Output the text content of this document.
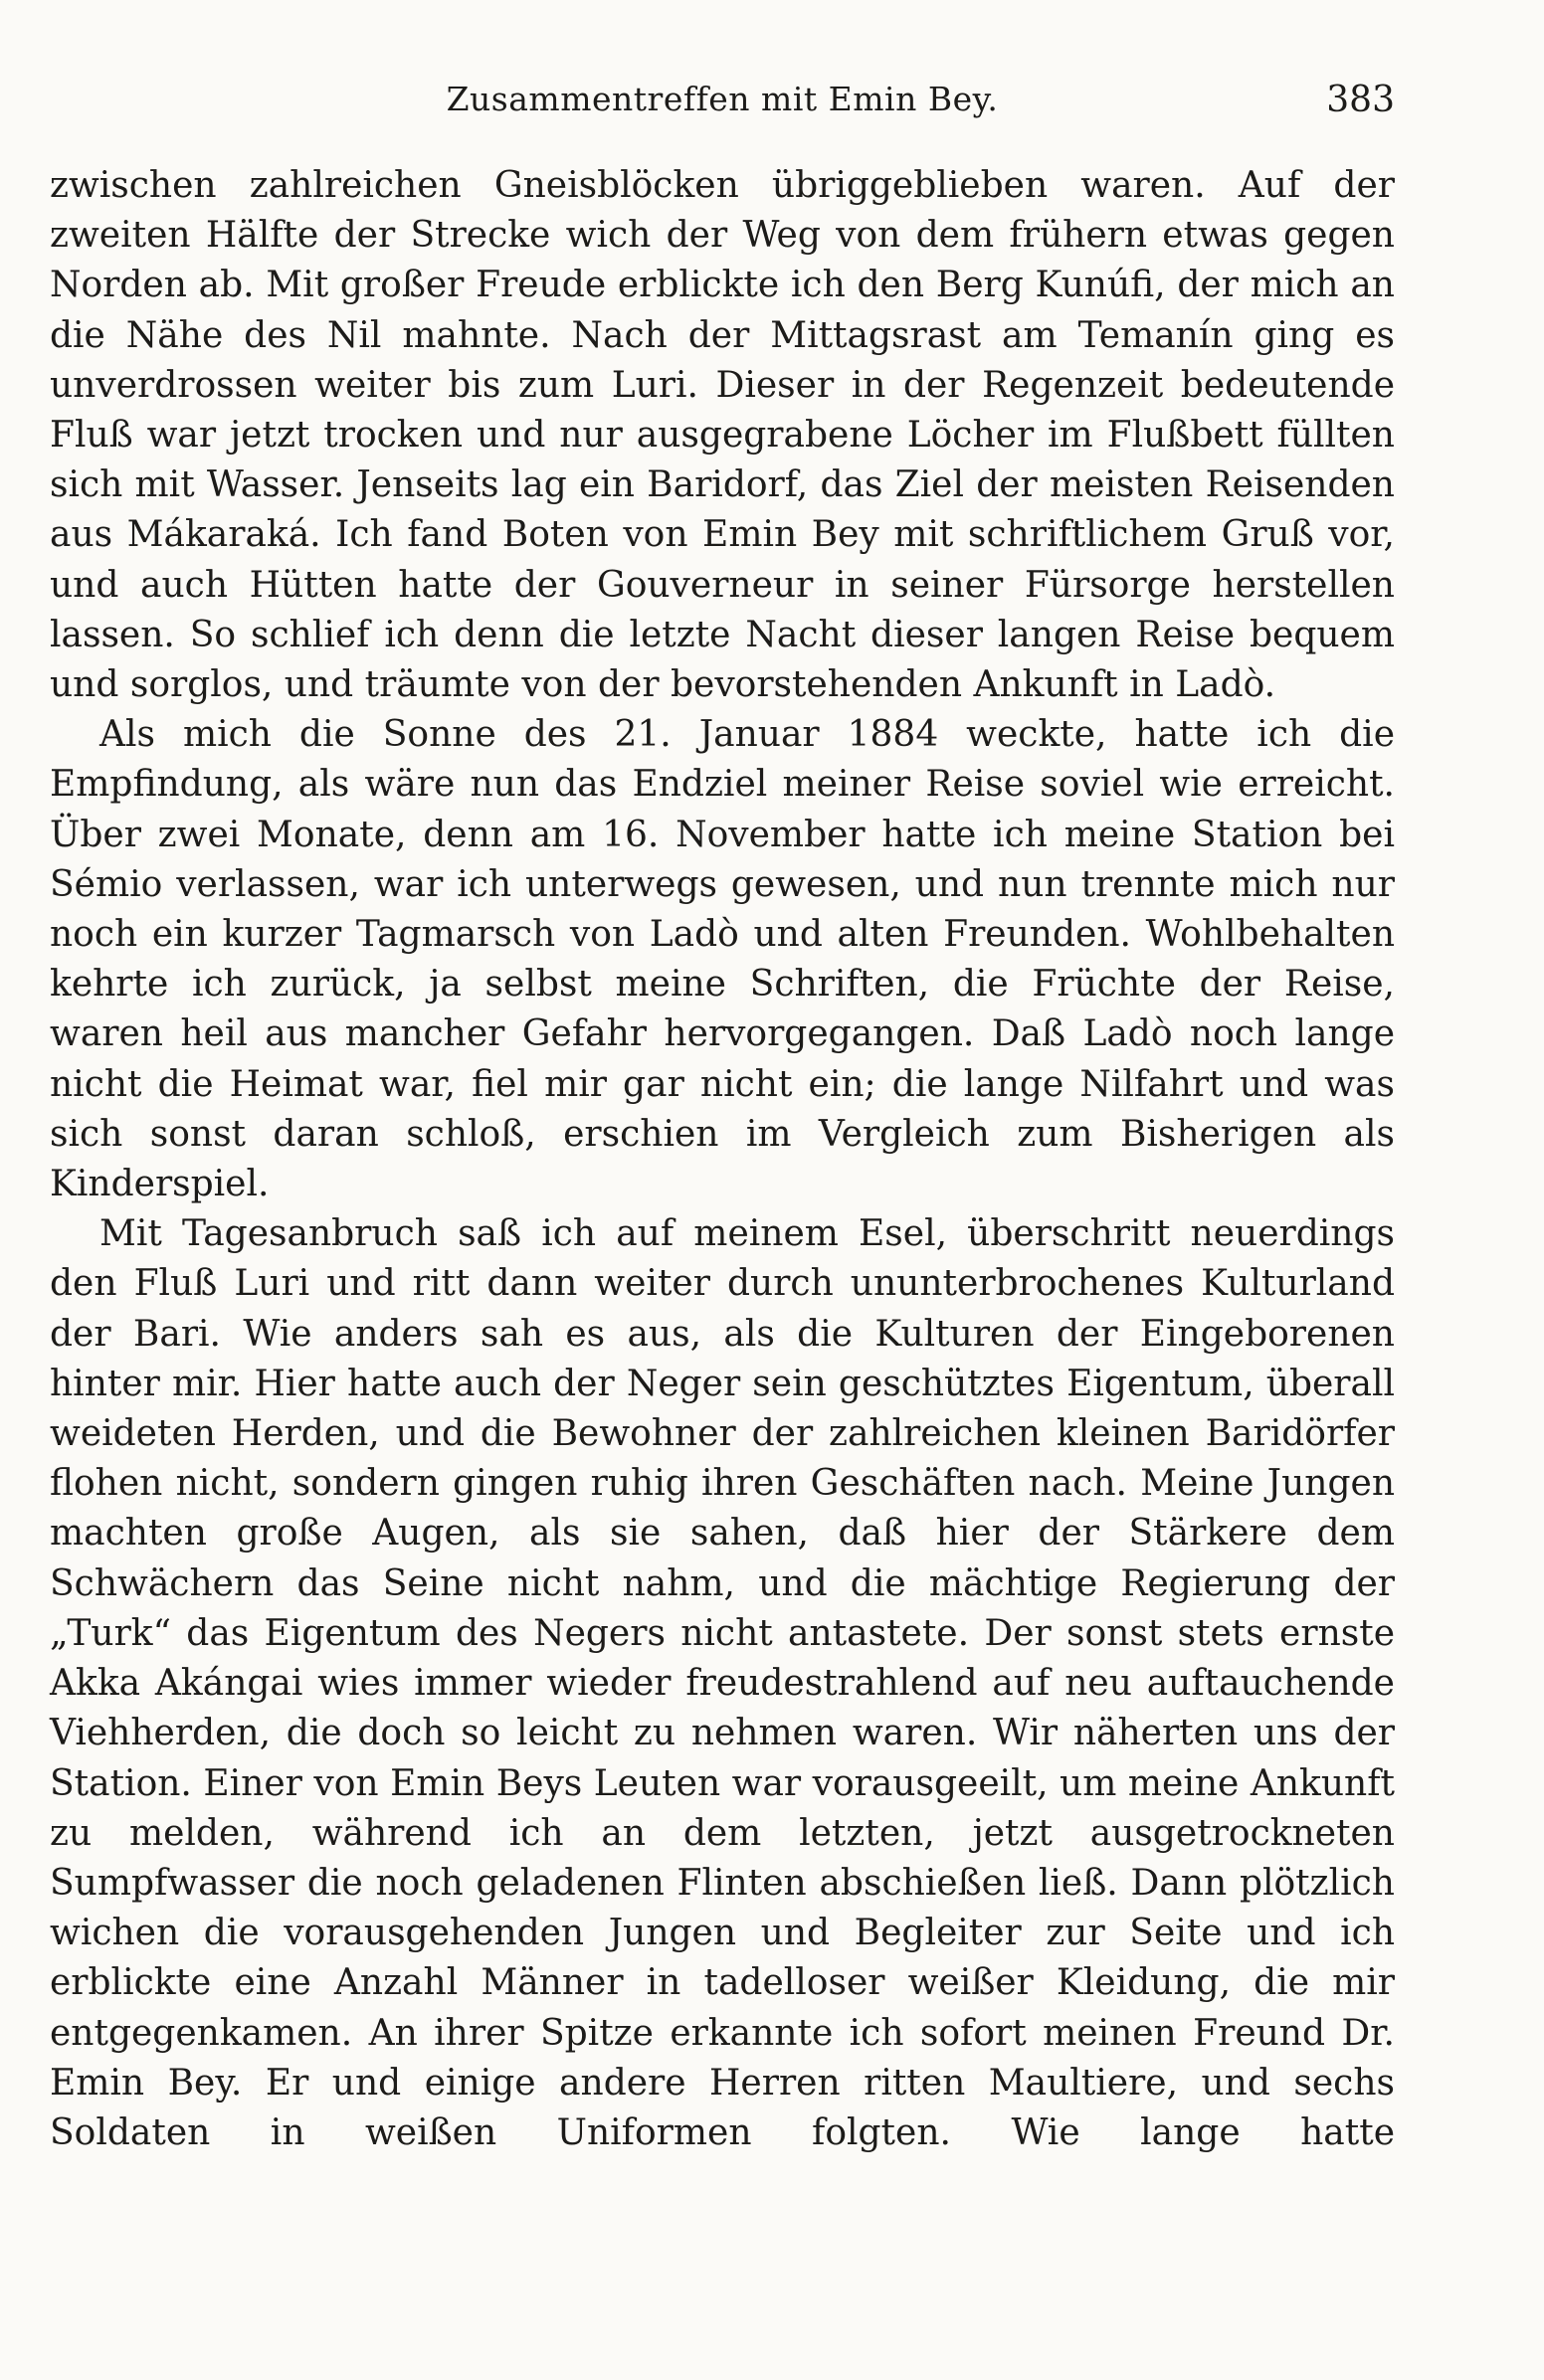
Zusammentreffen mit Emin Bey.	383

zwischen zahlreichen Gneisblöcken übriggeblieben waren. Auf der zweiten Hälfte der Strecke wich der Weg von dem frühern etwas gegen Norden ab. Mit großer Freude erblickte ich den Berg Kunúfi, der mich an die Nähe des Nil mahnte. Nach der Mittagsrast am Temanín ging es unverdrossen weiter bis zum Luri. Dieser in der Regenzeit bedeutende Fluß war jetzt trocken und nur ausgegrabene Löcher im Flußbett füllten sich mit Wasser. Jenseits lag ein Baridorf, das Ziel der meisten Reisenden aus Mákaraká. Ich fand Boten von Emin Bey mit schriftlichem Gruß vor, und auch Hütten hatte der Gouverneur in seiner Fürsorge herstellen lassen. So schlief ich denn die letzte Nacht dieser langen Reise bequem und sorglos, und träumte von der bevorstehenden Ankunft in Ladò.

Als mich die Sonne des 21. Januar 1884 weckte, hatte ich die Empfindung, als wäre nun das Endziel meiner Reise soviel wie erreicht. Über zwei Monate, denn am 16. November hatte ich meine Station bei Sémio verlassen, war ich unterwegs gewesen, und nun trennte mich nur noch ein kurzer Tagmarsch von Ladò und alten Freunden. Wohlbehalten kehrte ich zurück, ja selbst meine Schriften, die Früchte der Reise, waren heil aus mancher Gefahr hervorgegangen. Daß Ladò noch lange nicht die Heimat war, fiel mir gar nicht ein; die lange Nilfahrt und was sich sonst daran schloß, erschien im Vergleich zum Bisherigen als Kinderspiel.

Mit Tagesanbruch saß ich auf meinem Esel, überschritt neuerdings den Fluß Luri und ritt dann weiter durch ununterbrochenes Kulturland der Bari. Wie anders sah es aus, als die Kulturen der Eingeborenen hinter mir. Hier hatte auch der Neger sein geschütztes Eigentum, überall weideten Herden, und die Bewohner der zahlreichen kleinen Baridörfer flohen nicht, sondern gingen ruhig ihren Geschäften nach. Meine Jungen machten große Augen, als sie sahen, daß hier der Stärkere dem Schwächern das Seine nicht nahm, und die mächtige Regierung der „Turk“ das Eigentum des Negers nicht antastete. Der sonst stets ernste Akka Akángai wies immer wieder freudestrahlend auf neu auftauchende Viehherden, die doch so leicht zu nehmen waren. Wir näherten uns der Station. Einer von Emin Beys Leuten war vorausgeeilt, um meine Ankunft zu melden, während ich an dem letzten, jetzt ausgetrockneten Sumpfwasser die noch geladenen Flinten abschießen ließ. Dann plötzlich wichen die vorausgehenden Jungen und Begleiter zur Seite und ich erblickte eine Anzahl Männer in tadelloser weißer Kleidung, die mir entgegenkamen. An ihrer Spitze erkannte ich sofort meinen Freund Dr. Emin Bey. Er und einige andere Herren ritten Maultiere, und sechs Soldaten in weißen Uniformen folgten. Wie lange hatte
